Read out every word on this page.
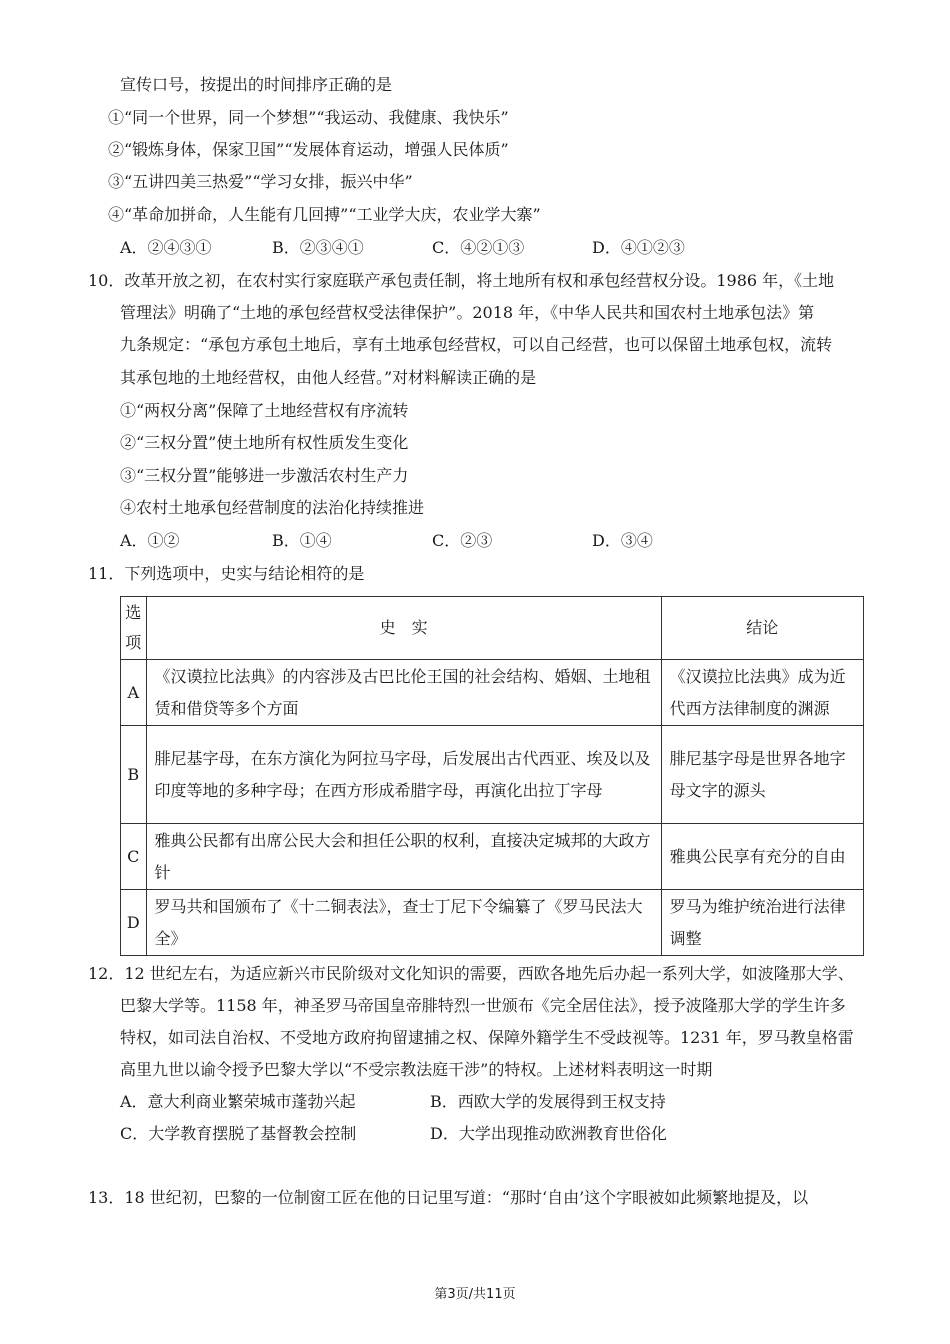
宣传口号，按提出的时间排序正确的是
①“同一个世界，同一个梦想”“我运动、我健康、我快乐”
②“锻炼身体，保家卫国”“发展体育运动，增强人民体质”
③“五讲四美三热爱”“学习女排，振兴中华”
④“革命加拼命，人生能有几回搏”“工业学大庆，农业学大寨”
A．②④③①	B．②③④①	C．④②①③	D．④①②③
10．改革开放之初，在农村实行家庭联产承包责任制，将土地所有权和承包经营权分设。1986 年，《土地
管理法》明确了“土地的承包经营权受法律保护”。2018 年，《中华人民共和国农村土地承包法》第
九条规定：“承包方承包土地后，享有土地承包经营权，可以自己经营，也可以保留土地承包权，流转
其承包地的土地经营权，由他人经营。”对材料解读正确的是
①“两权分离”保障了土地经营权有序流转
②“三权分置”使土地所有权性质发生变化
③“三权分置”能够进一步激活农村生产力
④农村土地承包经营制度的法治化持续推进
A．①②	B．①④	C．②③	D．③④
11．下列选项中，史实与结论相符的是
选项	史　实	结论
A	《汉谟拉比法典》的内容涉及古巴比伦王国的社会结构、婚姻、土地租赁和借贷等多个方面	《汉谟拉比法典》成为近代西方法律制度的渊源
B	腓尼基字母，在东方演化为阿拉马字母，后发展出古代西亚、埃及以及印度等地的多种字母；在西方形成希腊字母，再演化出拉丁字母	腓尼基字母是世界各地字母文字的源头
C	雅典公民都有出席公民大会和担任公职的权利，直接决定城邦的大政方针	雅典公民享有充分的自由
D	罗马共和国颁布了《十二铜表法》，查士丁尼下令编纂了《罗马民法大全》	罗马为维护统治进行法律调整
12．12 世纪左右，为适应新兴市民阶级对文化知识的需要，西欧各地先后办起一系列大学，如波隆那大学、
巴黎大学等。1158 年，神圣罗马帝国皇帝腓特烈一世颁布《完全居住法》，授予波隆那大学的学生许多
特权，如司法自治权、不受地方政府拘留逮捕之权、保障外籍学生不受歧视等。1231 年，罗马教皇格雷
高里九世以谕令授予巴黎大学以“不受宗教法庭干涉”的特权。上述材料表明这一时期
A．意大利商业繁荣城市蓬勃兴起	B．西欧大学的发展得到王权支持
C．大学教育摆脱了基督教会控制	D．大学出现推动欧洲教育世俗化
13．18 世纪初，巴黎的一位制窗工匠在他的日记里写道：“那时‘自由’这个字眼被如此频繁地提及，以
第3页/共11页
